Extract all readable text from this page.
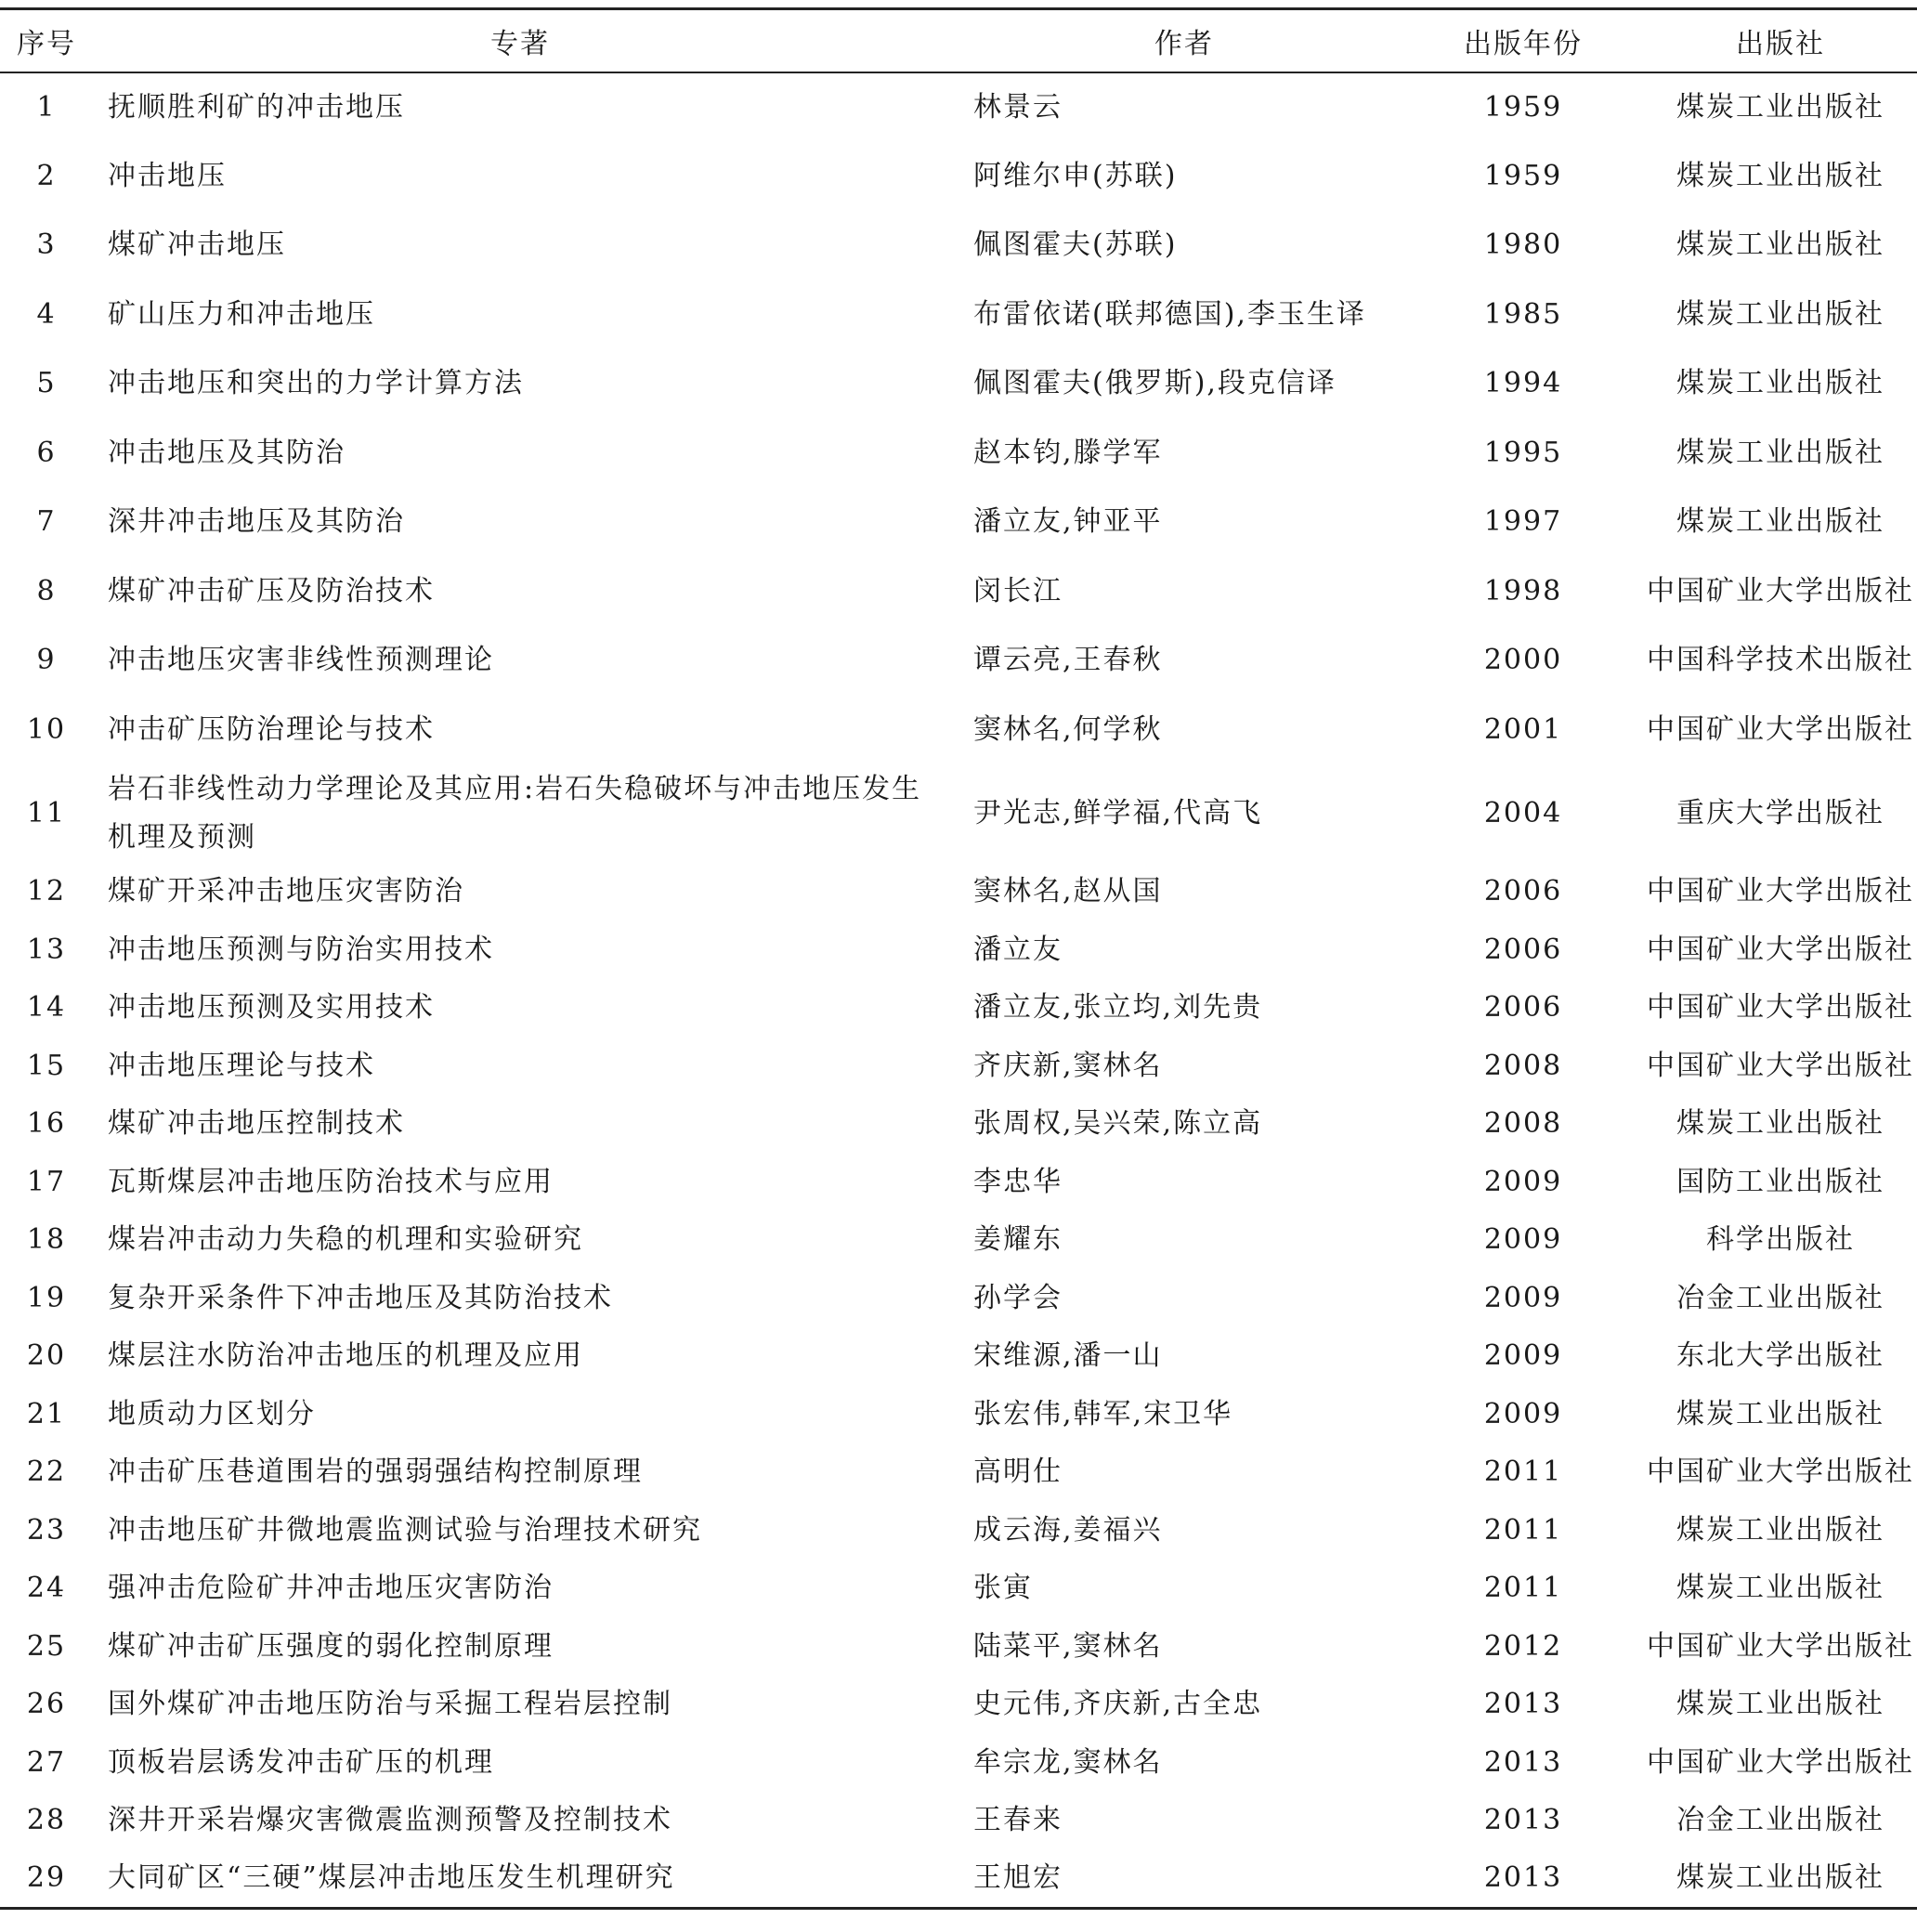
序号	专著	作者	出版年份	出版社
1	抚顺胜利矿的冲击地压	林景云	1959	煤炭工业出版社
2	冲击地压	阿维尔申(苏联)	1959	煤炭工业出版社
3	煤矿冲击地压	佩图霍夫(苏联)	1980	煤炭工业出版社
4	矿山压力和冲击地压	布雷依诺(联邦德国),李玉生译	1985	煤炭工业出版社
5	冲击地压和突出的力学计算方法	佩图霍夫(俄罗斯),段克信译	1994	煤炭工业出版社
6	冲击地压及其防治	赵本钧,滕学军	1995	煤炭工业出版社
7	深井冲击地压及其防治	潘立友,钟亚平	1997	煤炭工业出版社
8	煤矿冲击矿压及防治技术	闵长江	1998	中国矿业大学出版社
9	冲击地压灾害非线性预测理论	谭云亮,王春秋	2000	中国科学技术出版社
10	冲击矿压防治理论与技术	窦林名,何学秋	2001	中国矿业大学出版社
11	岩石非线性动力学理论及其应用:岩石失稳破坏与冲击地压发生机理及预测	尹光志,鲜学福,代高飞	2004	重庆大学出版社
12	煤矿开采冲击地压灾害防治	窦林名,赵从国	2006	中国矿业大学出版社
13	冲击地压预测与防治实用技术	潘立友	2006	中国矿业大学出版社
14	冲击地压预测及实用技术	潘立友,张立均,刘先贵	2006	中国矿业大学出版社
15	冲击地压理论与技术	齐庆新,窦林名	2008	中国矿业大学出版社
16	煤矿冲击地压控制技术	张周权,吴兴荣,陈立高	2008	煤炭工业出版社
17	瓦斯煤层冲击地压防治技术与应用	李忠华	2009	国防工业出版社
18	煤岩冲击动力失稳的机理和实验研究	姜耀东	2009	科学出版社
19	复杂开采条件下冲击地压及其防治技术	孙学会	2009	冶金工业出版社
20	煤层注水防治冲击地压的机理及应用	宋维源,潘一山	2009	东北大学出版社
21	地质动力区划分	张宏伟,韩军,宋卫华	2009	煤炭工业出版社
22	冲击矿压巷道围岩的强弱强结构控制原理	高明仕	2011	中国矿业大学出版社
23	冲击地压矿井微地震监测试验与治理技术研究	成云海,姜福兴	2011	煤炭工业出版社
24	强冲击危险矿井冲击地压灾害防治	张寅	2011	煤炭工业出版社
25	煤矿冲击矿压强度的弱化控制原理	陆菜平,窦林名	2012	中国矿业大学出版社
26	国外煤矿冲击地压防治与采掘工程岩层控制	史元伟,齐庆新,古全忠	2013	煤炭工业出版社
27	顶板岩层诱发冲击矿压的机理	牟宗龙,窦林名	2013	中国矿业大学出版社
28	深井开采岩爆灾害微震监测预警及控制技术	王春来	2013	冶金工业出版社
29	大同矿区“三硬”煤层冲击地压发生机理研究	王旭宏	2013	煤炭工业出版社
